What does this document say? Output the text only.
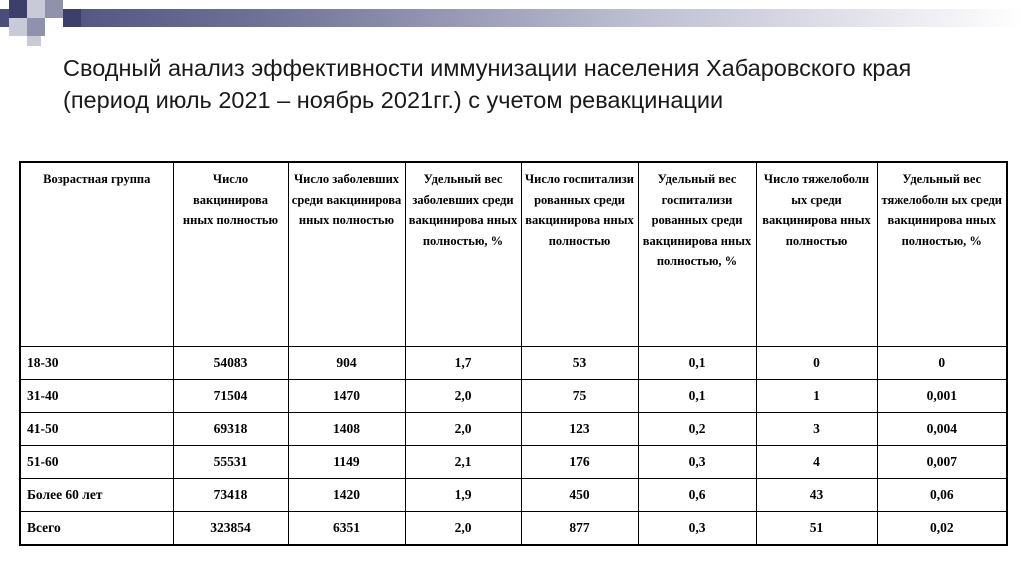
Сводный анализ эффективности иммунизации населения Хабаровского края (период июль 2021 – ноябрь 2021гг.) с учетом ревакцинации
Возрастная группа	Число вакцинирова нных полностью	Число заболевших среди вакцинирова нных полностью	Удельный вес заболевших среди вакцинирова нных полностью, %	Число госпитализи рованных среди вакцинирова нных полностью	Удельный вес госпитализи рованных среди вакцинирова нных полностью, %	Число тяжелоболн ых среди вакцинирова нных полностью	Удельный вес тяжелоболн ых среди вакцинирова нных полностью, %
18-30	54083	904	1,7	53	0,1	0	0
31-40	71504	1470	2,0	75	0,1	1	0,001
41-50	69318	1408	2,0	123	0,2	3	0,004
51-60	55531	1149	2,1	176	0,3	4	0,007
Более 60 лет	73418	1420	1,9	450	0,6	43	0,06
Всего	323854	6351	2,0	877	0,3	51	0,02
